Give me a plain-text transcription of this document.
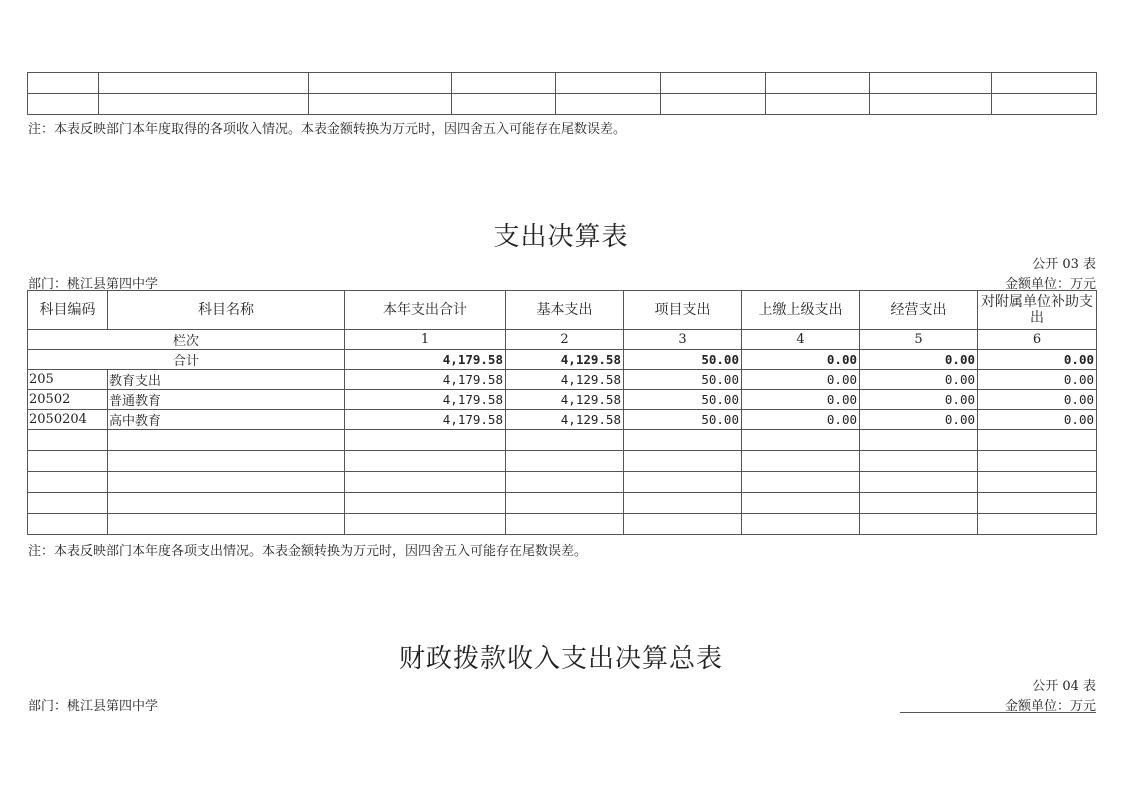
注：本表反映部门本年度取得的各项收入情况。本表金额转换为万元时，因四舍五入可能存在尾数误差。
支出决算表
公开 03 表
部门：桃江县第四中学	金额单位：万元
科目编码	科目名称	本年支出合计	基本支出	项目支出	上缴上级支出	经营支出	对附属单位补助支出
栏次		1	2	3	4	5	6
合计		4,179.58	4,129.58	50.00	0.00	0.00	0.00
205	教育支出	4,179.58	4,129.58	50.00	0.00	0.00	0.00
20502	普通教育	4,179.58	4,129.58	50.00	0.00	0.00	0.00
2050204	高中教育	4,179.58	4,129.58	50.00	0.00	0.00	0.00

注：本表反映部门本年度各项支出情况。本表金额转换为万元时，因四舍五入可能存在尾数误差。
财政拨款收入支出决算总表
公开 04 表
部门：桃江县第四中学	金额单位：万元
